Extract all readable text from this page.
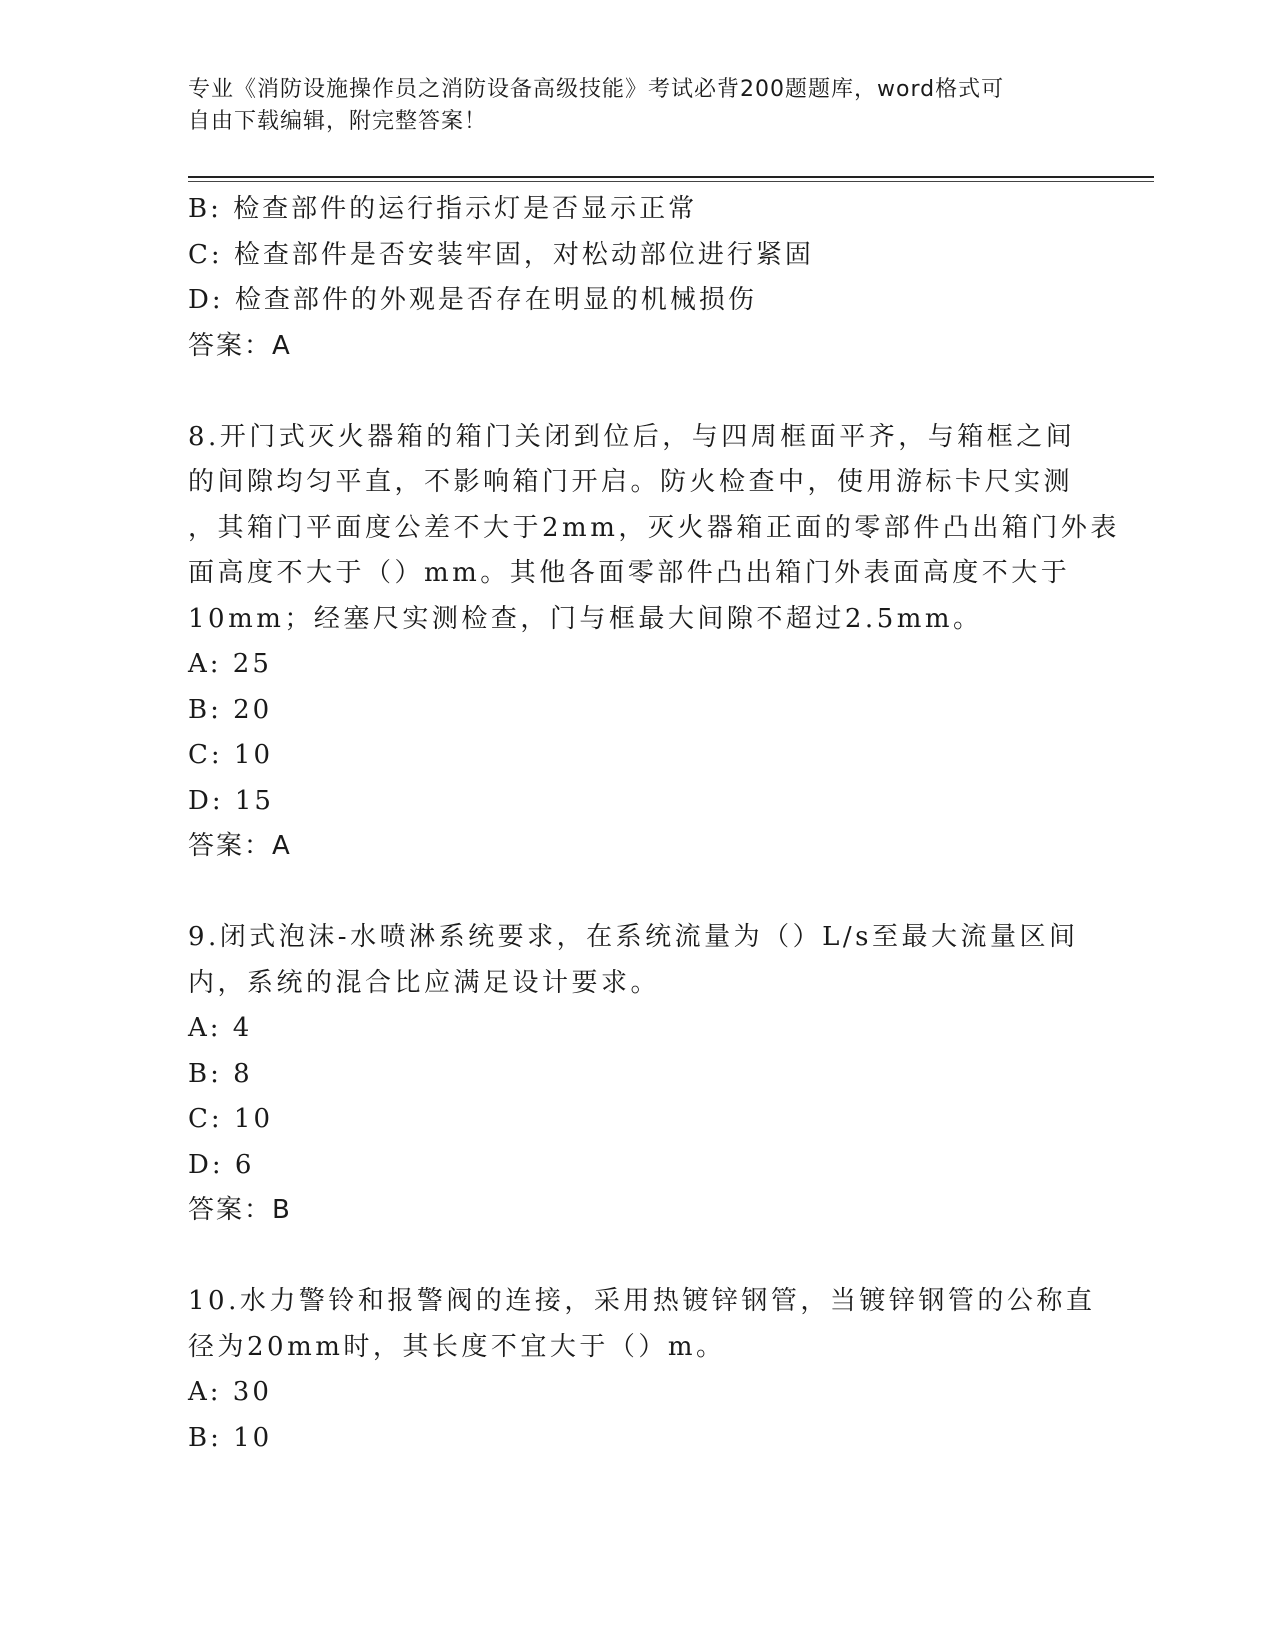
专业《消防设施操作员之消防设备高级技能》考试必背200题题库，word格式可
自由下载编辑，附完整答案！
B: 检查部件的运行指示灯是否显示正常
C: 检查部件是否安装牢固，对松动部位进行紧固
D: 检查部件的外观是否存在明显的机械损伤
答案：A
8.开门式灭火器箱的箱门关闭到位后，与四周框面平齐，与箱框之间
的间隙均匀平直，不影响箱门开启。防火检查中，使用游标卡尺实测
，其箱门平面度公差不大于2mm，灭火器箱正面的零部件凸出箱门外表
面高度不大于（）mm。其他各面零部件凸出箱门外表面高度不大于
10mm；经塞尺实测检查，门与框最大间隙不超过2.5mm。
A: 25
B: 20
C: 10
D: 15
答案：A
9.闭式泡沫-水喷淋系统要求，在系统流量为（）L/s至最大流量区间
内，系统的混合比应满足设计要求。
A: 4
B: 8
C: 10
D: 6
答案：B
10.水力警铃和报警阀的连接，采用热镀锌钢管，当镀锌钢管的公称直
径为20mm时，其长度不宜大于（）m。
A: 30
B: 10
